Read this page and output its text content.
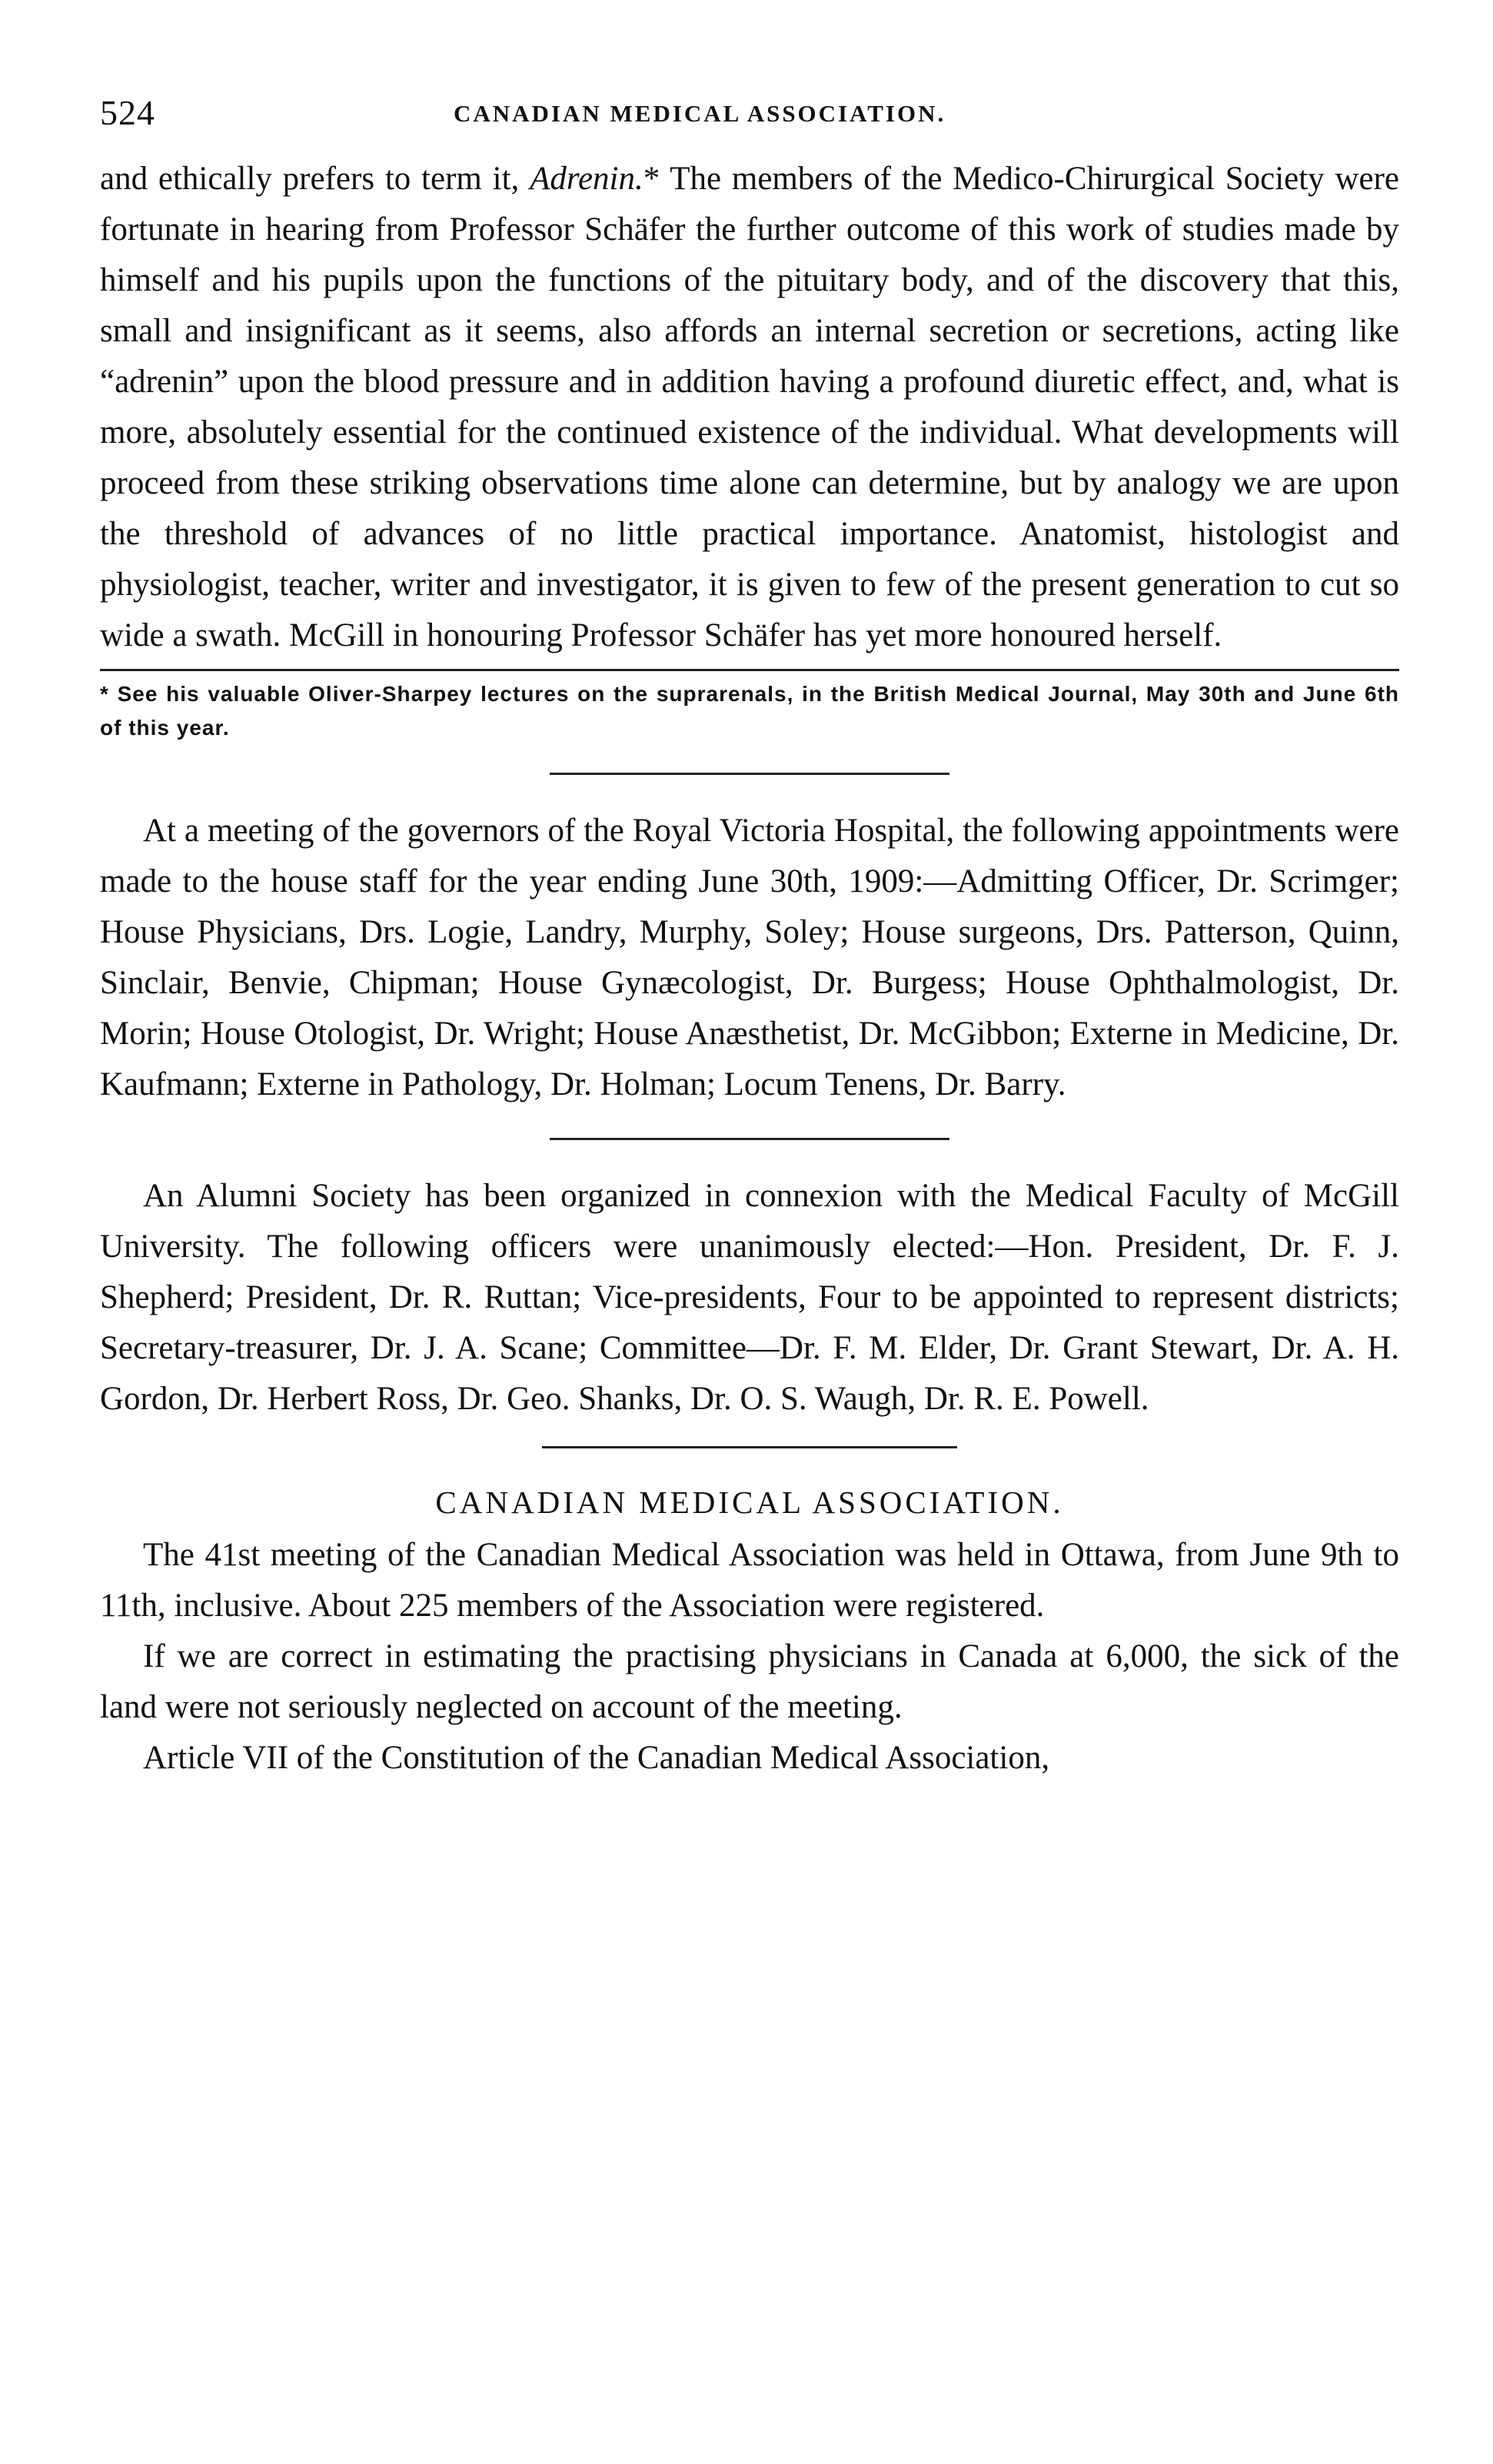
524	CANADIAN MEDICAL ASSOCIATION.

and ethically prefers to term it, Adrenin.* The members of the Medico-Chirurgical Society were fortunate in hearing from Professor Schäfer the further outcome of this work of studies made by himself and his pupils upon the functions of the pituitary body, and of the discovery that this, small and insignificant as it seems, also affords an internal secretion or secretions, acting like “adrenin” upon the blood pressure and in addition having a profound diuretic effect, and, what is more, absolutely essential for the continued existence of the individual. What developments will proceed from these striking observations time alone can determine, but by analogy we are upon the threshold of advances of no little practical importance. Anatomist, histologist and physiologist, teacher, writer and investigator, it is given to few of the present generation to cut so wide a swath. McGill in honouring Professor Schäfer has yet more honoured herself.

* See his valuable Oliver-Sharpey lectures on the suprarenals, in the British Medical Journal, May 30th and June 6th of this year.

At a meeting of the governors of the Royal Victoria Hospital, the following appointments were made to the house staff for the year ending June 30th, 1909:—Admitting Officer, Dr. Scrimger; House Physicians, Drs. Logie, Landry, Murphy, Soley; House surgeons, Drs. Patterson, Quinn, Sinclair, Benvie, Chipman; House Gynæcologist, Dr. Burgess; House Ophthalmologist, Dr. Morin; House Otologist, Dr. Wright; House Anæsthetist, Dr. McGibbon; Externe in Medicine, Dr. Kaufmann; Externe in Pathology, Dr. Holman; Locum Tenens, Dr. Barry.

An Alumni Society has been organized in connexion with the Medical Faculty of McGill University. The following officers were unanimously elected:—Hon. President, Dr. F. J. Shepherd; President, Dr. R. Ruttan; Vice-presidents, Four to be appointed to represent districts; Secretary-treasurer, Dr. J. A. Scane; Committee—Dr. F. M. Elder, Dr. Grant Stewart, Dr. A. H. Gordon, Dr. Herbert Ross, Dr. Geo. Shanks, Dr. O. S. Waugh, Dr. R. E. Powell.

CANADIAN MEDICAL ASSOCIATION.

The 41st meeting of the Canadian Medical Association was held in Ottawa, from June 9th to 11th, inclusive. About 225 members of the Association were registered.

If we are correct in estimating the practising physicians in Canada at 6,000, the sick of the land were not seriously neglected on account of the meeting.

Article VII of the Constitution of the Canadian Medical Association,
